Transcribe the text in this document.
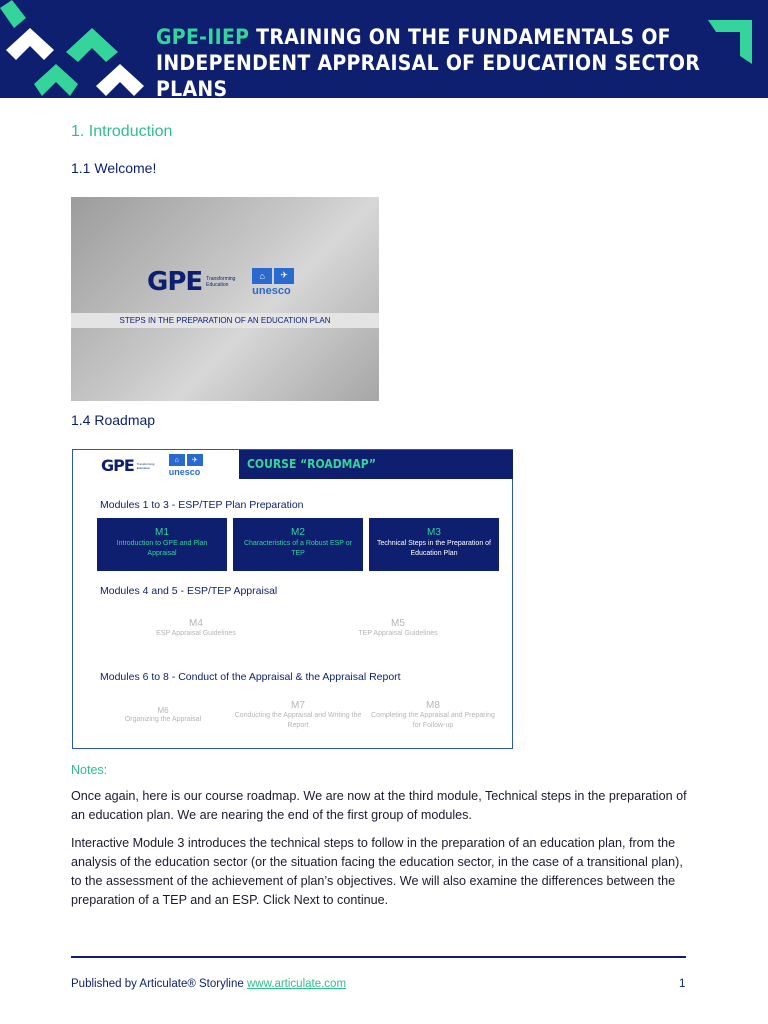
GPE-IIEP TRAINING ON THE FUNDAMENTALS OF
INDEPENDENT APPRAISAL OF EDUCATION SECTOR PLANS
1. Introduction
1.1 Welcome!
GPE Transforming Education
⌂	✈
unesco
STEPS IN THE PREPARATION OF AN EDUCATION PLAN
1.4 Roadmap
GPE Transforming Education
⌂	✈
unesco
COURSE “ROADMAP”
Modules 1 to 3 - ESP/TEP Plan Preparation
M1
Introduction to GPE and Plan Appraisal
M2
Characteristics of a Robust ESP or TEP
M3
Technical Steps in the Preparation of Education Plan
Modules 4 and 5 - ESP/TEP Appraisal
M4
ESP Appraisal Guidelines
M5
TEP Appraisal Guidelines
Modules 6 to 8 - Conduct of the Appraisal & the Appraisal Report
M6
Organizing the Appraisal
M7
Conducting the Appraisal and Writing the Report
M8
Completing the Appraisal and Preparing for Follow-up
Notes:

Once again, here is our course roadmap. We are now at the third module, Technical steps in the preparation of an education plan. We are nearing the end of the first group of modules.

Interactive Module 3 introduces the technical steps to follow in the preparation of an education plan, from the analysis of the education sector (or the situation facing the education sector, in the case of a transitional plan), to the assessment of the achievement of plan’s objectives. We will also examine the differences between the preparation of a TEP and an ESP. Click Next to continue.

Published by Articulate® Storyline www.articulate.com	1
